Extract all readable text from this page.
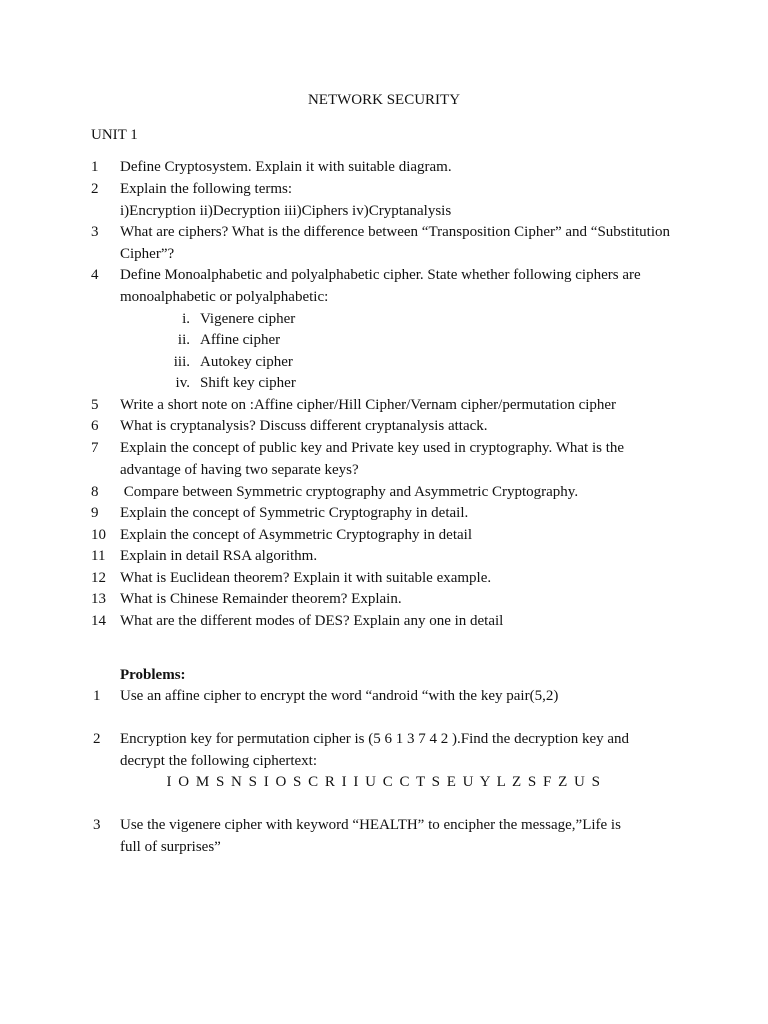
NETWORK SECURITY
UNIT 1
1 Define Cryptosystem. Explain it with suitable diagram.
2 Explain the following terms:
i)Encryption ii)Decryption iii)Ciphers iv)Cryptanalysis
3 What are ciphers? What is the difference between “Transposition Cipher” and “Substitution
Cipher”?
4 Define Monoalphabetic and polyalphabetic cipher. State whether following ciphers are
monoalphabetic or polyalphabetic:
i. Vigenere cipher
ii. Affine cipher
iii. Autokey cipher
iv. Shift key cipher
5 Write a short note on :Affine cipher/Hill Cipher/Vernam cipher/permutation cipher
6 What is cryptanalysis? Discuss different cryptanalysis attack.
7 Explain the concept of public key and Private key used in cryptography. What is the
advantage of having two separate keys?
8 Compare between Symmetric cryptography and Asymmetric Cryptography.
9 Explain the concept of Symmetric Cryptography in detail.
10 Explain the concept of Asymmetric Cryptography in detail
11 Explain in detail RSA algorithm.
12 What is Euclidean theorem? Explain it with suitable example.
13 What is Chinese Remainder theorem? Explain.
14 What are the different modes of DES? Explain any one in detail
Problems:
1 Use an affine cipher to encrypt the word “android “with the key pair(5,2)
2 Encryption key for permutation cipher is (5 6 1 3 7 4 2 ).Find the decryption key and
decrypt the following ciphertext:
I O M S N S I O S C R I I U C C T S E U Y L Z S F Z U S
3 Use the vigenere cipher with keyword “HEALTH” to encipher the message,”Life is
full of surprises”
